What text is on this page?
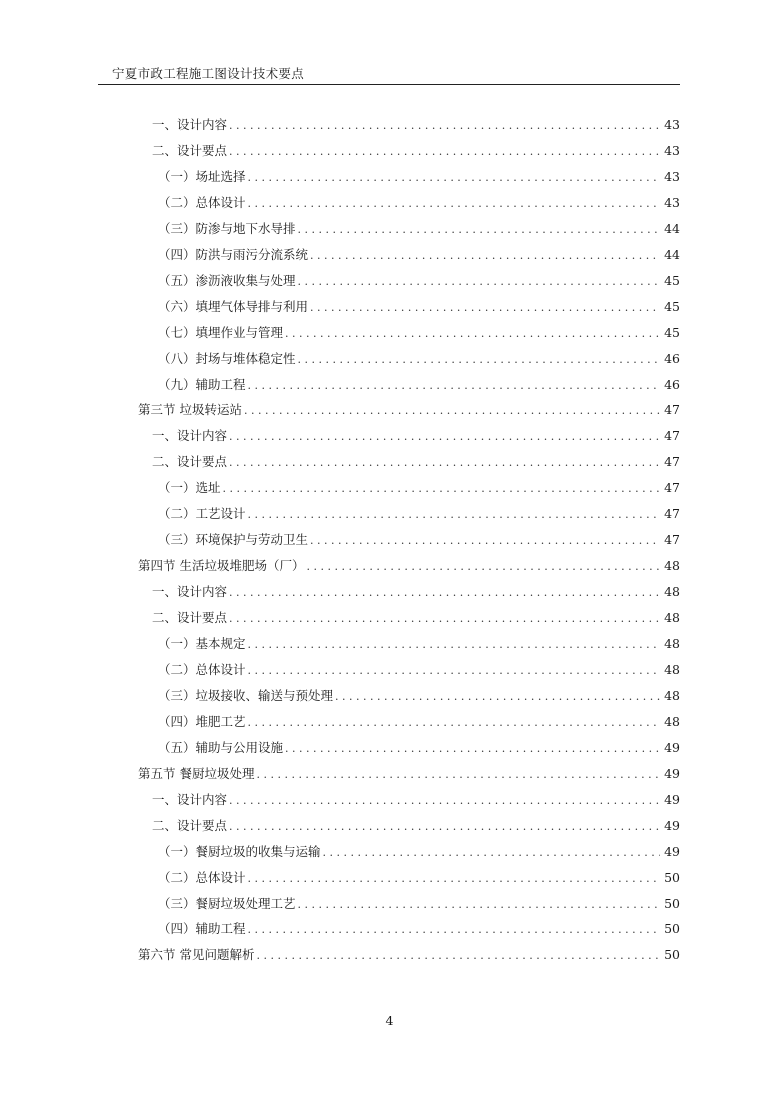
宁夏市政工程施工图设计技术要点
一、设计内容 . . .	43
二、设计要点 . . .	43
（一）场址选择 . . .	43
（二）总体设计 . . .	43
（三）防渗与地下水导排 . . .	44
（四）防洪与雨污分流系统 . . .	44
（五）渗沥液收集与处理 . . .	45
（六）填埋气体导排与利用 . . .	45
（七）填埋作业与管理 . . .	45
（八）封场与堆体稳定性 . . .	46
（九）辅助工程 . . .	46
第三节 垃圾转运站 . . .	47
一、设计内容 . . .	47
二、设计要点 . . .	47
（一）选址 . . .	47
（二）工艺设计 . . .	47
（三）环境保护与劳动卫生 . . .	47
第四节 生活垃圾堆肥场（厂） . . .	48
一、设计内容 . . .	48
二、设计要点 . . .	48
（一）基本规定 . . .	48
（二）总体设计 . . .	48
（三）垃圾接收、输送与预处理 . . .	48
（四）堆肥工艺 . . .	48
（五）辅助与公用设施 . . .	49
第五节 餐厨垃圾处理 . . .	49
一、设计内容 . . .	49
二、设计要点 . . .	49
（一）餐厨垃圾的收集与运输 . . .	49
（二）总体设计 . . .	50
（三）餐厨垃圾处理工艺 . . .	50
（四）辅助工程 . . .	50
第六节 常见问题解析 . . .	50
4
